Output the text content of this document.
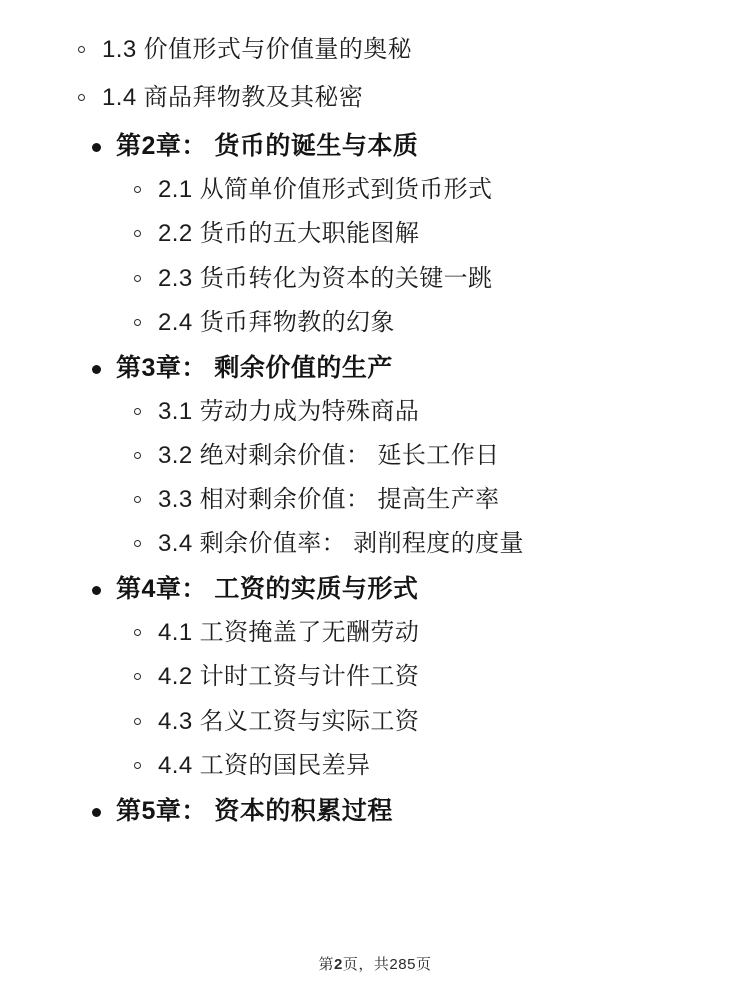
1.3 价值形式与价值量的奥秘
1.4 商品拜物教及其秘密
第2章： 货币的诞生与本质
2.1 从简单价值形式到货币形式
2.2 货币的五大职能图解
2.3 货币转化为资本的关键一跳
2.4 货币拜物教的幻象
第3章： 剩余价值的生产
3.1 劳动力成为特殊商品
3.2 绝对剩余价值： 延长工作日
3.3 相对剩余价值： 提高生产率
3.4 剩余价值率： 剥削程度的度量
第4章： 工资的实质与形式
4.1 工资掩盖了无酬劳动
4.2 计时工资与计件工资
4.3 名义工资与实际工资
4.4 工资的国民差异
第5章： 资本的积累过程
第2页，共285页
